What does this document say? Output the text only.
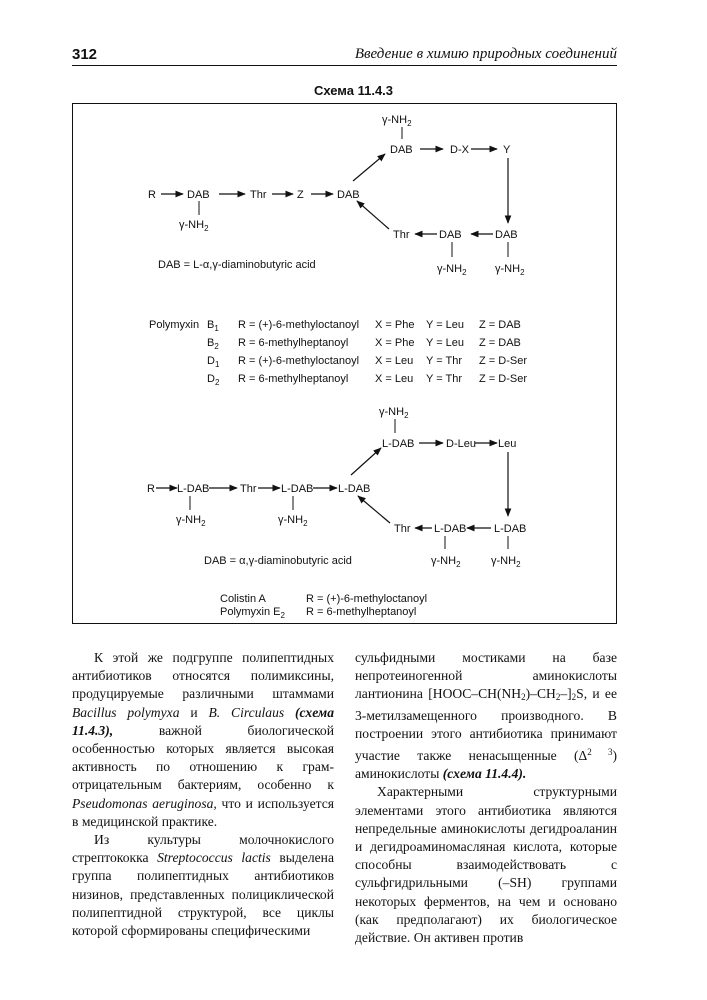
312	Введение в химию природных соединений
Схема 11.4.3
R	DAB
$\gamma-NH_2$
Thr	Z	DAB
$\gamma-NH_2$
DAB	D-X	Y
DAB
$\gamma-NH_2$
DAB
$\gamma-NH_2$
Thr
DAB = L-α,γ-diaminobutyric acid
Polymyxin $B_1$ R = (+)-6-methyloctanoyl X = Phe Y = Leu Z = DAB
$B_2$ R = 6-methylheptanoyl X = Phe Y = Leu Z = DAB
$D_1$ R = (+)-6-methyloctanoyl X = Leu Y = Thr Z = D-Ser
$D_2$ R = 6-methylheptanoyl X = Leu Y = Thr Z = D-Ser
R L-DAB
$\gamma-NH_2$
Thr L-DAB
$\gamma-NH_2$
L-DAB
$\gamma-NH_2$
L-DAB	D-Leu Leu
L-DAB
$\gamma-NH_2$
L-DAB
$\gamma-NH_2$
Thr
DAB = α,γ-diaminobutyric acid
Colistin A	R = (+)-6-methyloctanoyl
Polymyxin $E_2$ R = 6-methylheptanoyl

К этой же подгруппе полипептидных антибиотиков относятся полимиксины, продуцируемые различными штаммами Bacillus polymyxa и B. Circulaus (схема 11.4.3), важной биологической особенностью которых является высокая активность по отношению к грам-отрицательным бактериям, особенно к Pseudomonas aeruginosa, что и используется в медицинской практике.

Из культуры молочнокислого стрептококка Streptococcus lactis выделена группа полипептидных антибиотиков низинов, представленных полициклической полипептидной структурой, все циклы которой сформированы специфическими

сульфидными мостиками на базе непротеиногенной аминокислоты лантионина [HOOC–CH(NH2)–CH2–]2S, и ее 3-метилзамещенного производного. В построении этого антибиотика принимают участие также ненасыщенные $(\Delta^{2 3})$ аминокислоты (схема 11.4.4).

Характерными структурными элементами этого антибиотика являются непредельные аминокислоты дегидроаланин и дегидроаминомасляная кислота, которые способны взаимодействовать с сульфгидрильными (–SH) группами некоторых ферментов, на чем и основано (как предполагают) их биологическое действие. Он активен против
